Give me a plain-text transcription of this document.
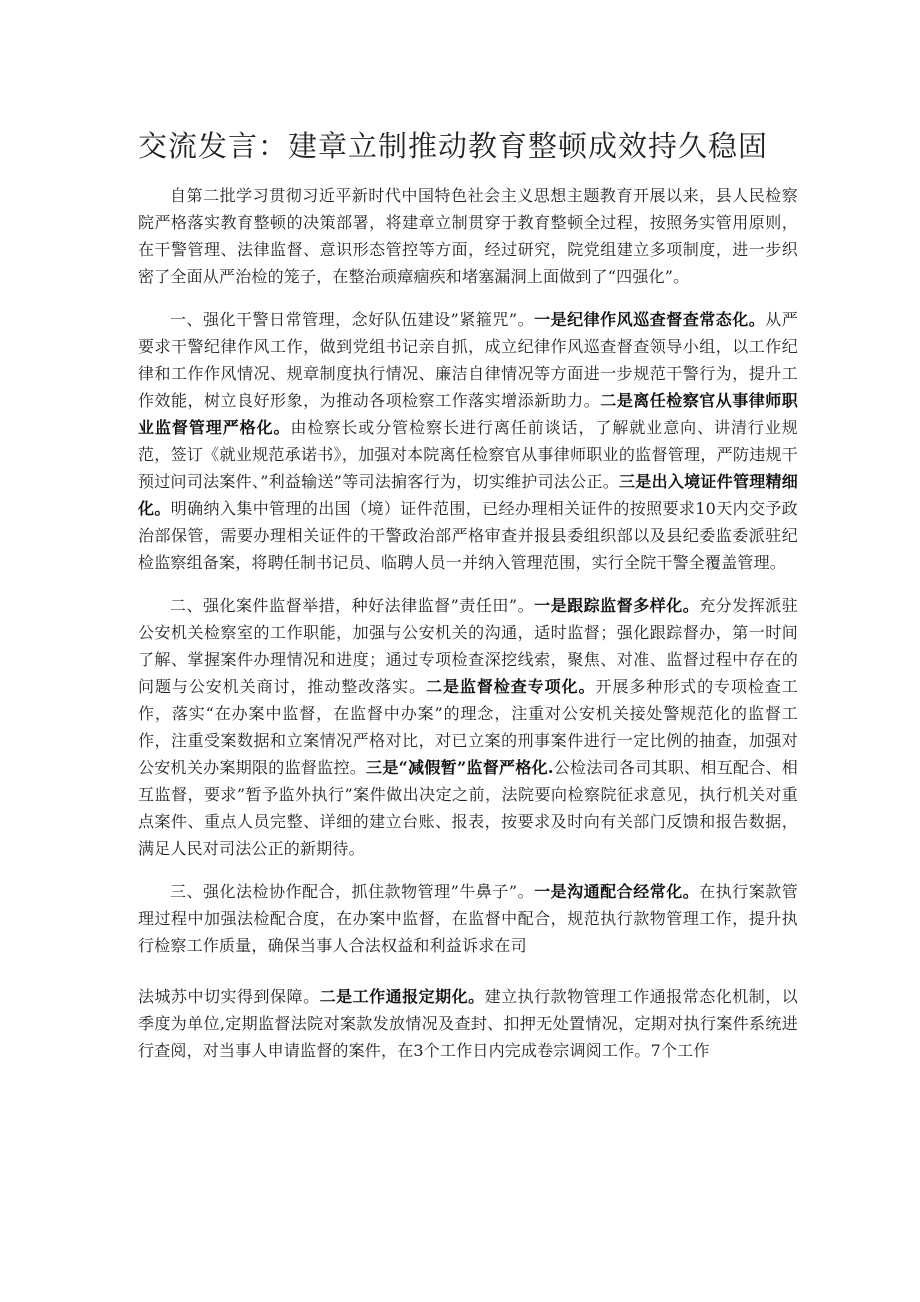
交流发言：建章立制推动教育整顿成效持久稳固

自第二批学习贯彻习近平新时代中国特色社会主义思想主题教育开展以来，县人民检察院严格落实教育整顿的决策部署，将建章立制贯穿于教育整顿全过程，按照务实管用原则，在干警管理、法律监督、意识形态管控等方面，经过研究，院党组建立多项制度，进一步织密了全面从严治检的笼子，在整治顽瘴痼疾和堵塞漏洞上面做到了“四强化”。

一、强化干警日常管理，念好队伍建设”紧箍咒”。一是纪律作风巡查督查常态化。从严要求干警纪律作风工作，做到党组书记亲自抓，成立纪律作风巡查督查领导小组，以工作纪律和工作作风情况、规章制度执行情况、廉洁自律情况等方面进一步规范干警行为，提升工作效能，树立良好形象，为推动各项检察工作落实增添新助力。二是离任检察官从事律师职业监督管理严格化。由检察长或分管检察长进行离任前谈话，了解就业意向、讲清行业规范，签订《就业规范承诺书》，加强对本院离任检察官从事律师职业的监督管理，严防违规干预过问司法案件、”利益输送”等司法掮客行为，切实维护司法公正。三是出入境证件管理精细化。明确纳入集中管理的出国（境）证件范围，已经办理相关证件的按照要求10天内交予政治部保管，需要办理相关证件的干警政治部严格审查并报县委组织部以及县纪委监委派驻纪检监察组备案，将聘任制书记员、临聘人员一并纳入管理范围，实行全院干警全覆盖管理。

二、强化案件监督举措，种好法律监督”责任田”。一是跟踪监督多样化。充分发挥派驻公安机关检察室的工作职能，加强与公安机关的沟通，适时监督；强化跟踪督办，第一时间了解、掌握案件办理情况和进度；通过专项检查深挖线索，聚焦、对准、监督过程中存在的问题与公安机关商讨，推动整改落实。二是监督检查专项化。开展多种形式的专项检查工作，落实“在办案中监督，在监督中办案”的理念，注重对公安机关接处警规范化的监督工作，注重受案数据和立案情况严格对比，对已立案的刑事案件进行一定比例的抽查，加强对公安机关办案期限的监督监控。三是“减假暂”监督严格化.公检法司各司其职、相互配合、相互监督，要求”暂予监外执行”案件做出决定之前，法院要向检察院征求意见，执行机关对重点案件、重点人员完整、详细的建立台账、报表，按要求及时向有关部门反馈和报告数据，满足人民对司法公正的新期待。

三、强化法检协作配合，抓住款物管理”牛鼻子”。一是沟通配合经常化。在执行案款管理过程中加强法检配合度，在办案中监督，在监督中配合，规范执行款物管理工作，提升执行检察工作质量，确保当事人合法权益和利益诉求在司

法城苏中切实得到保障。二是工作通报定期化。建立执行款物管理工作通报常态化机制，以季度为单位,定期监督法院对案款发放情况及查封、扣押无处置情况，定期对执行案件系统进行查阅，对当事人申请监督的案件，在3个工作日内完成卷宗调阅工作。7个工作
